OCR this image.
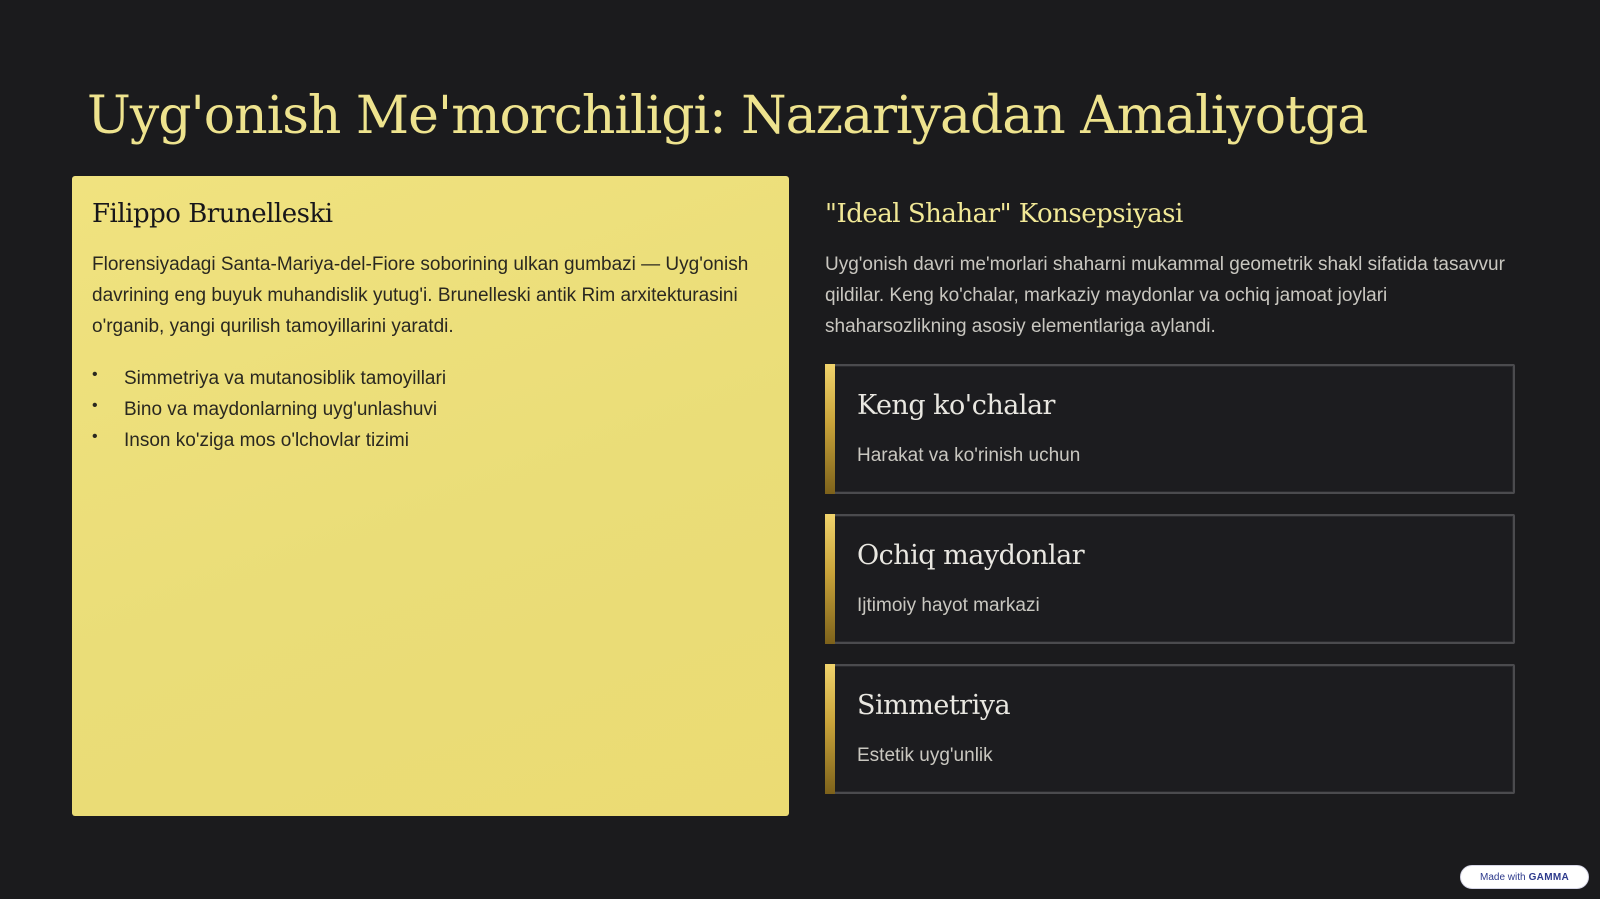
Uyg'onish Me'morchiligi: Nazariyadan Amaliyotga
Filippo Brunelleski

Florensiyadagi Santa-Mariya-del-Fiore soborining ulkan gumbazi — Uyg'onish davrining eng buyuk muhandislik yutug'i. Brunelleski antik Rim arxitekturasini o'rganib, yangi qurilish tamoyillarini yaratdi.

• Simmetriya va mutanosiblik tamoyillari
• Bino va maydonlarning uyg'unlashuvi
• Inson ko'ziga mos o'lchovlar tizimi
"Ideal Shahar" Konsepsiyasi

Uyg'onish davri me'morlari shaharni mukammal geometrik shakl sifatida tasavvur qildilar. Keng ko'chalar, markaziy maydonlar va ochiq jamoat joylari shaharsozlikning asosiy elementlariga aylandi.

Keng ko'chalar

Harakat va ko'rinish uchun

Ochiq maydonlar

Ijtimoiy hayot markazi

Simmetriya

Estetik uyg'unlik

Made with GAMMA
